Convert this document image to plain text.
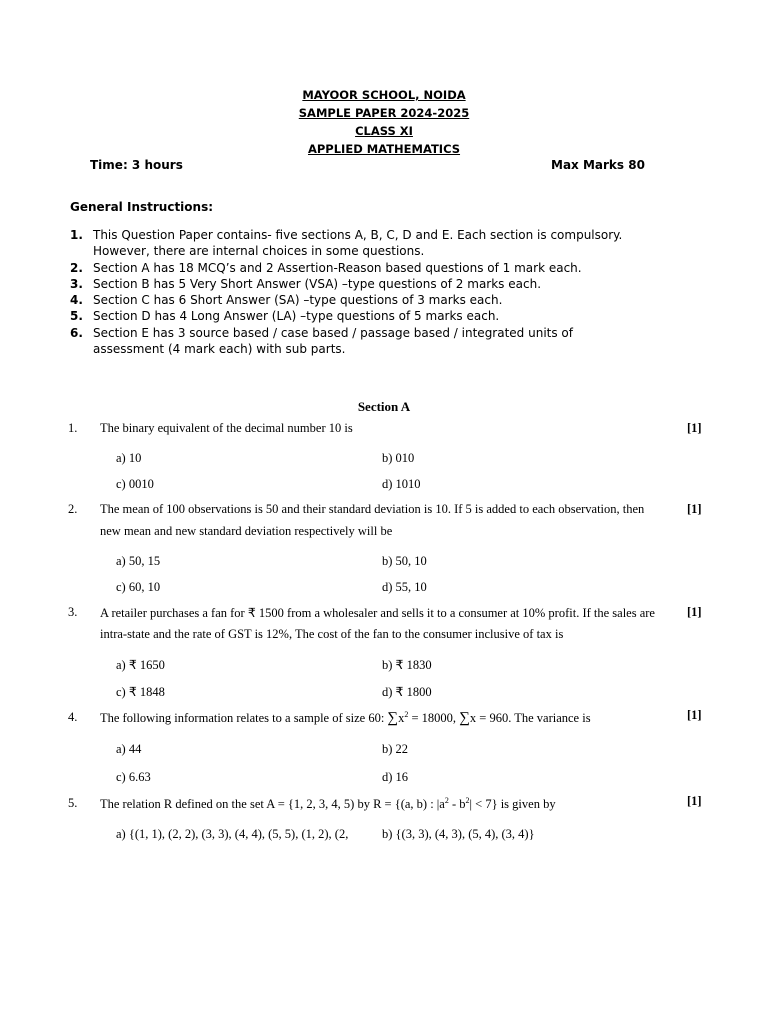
MAYOOR SCHOOL, NOIDA
SAMPLE PAPER 2024-2025
CLASS XI
APPLIED MATHEMATICS
Time: 3 hours	Max Marks 80
General Instructions:
1. This Question Paper contains- five sections A, B, C, D and E. Each section is compulsory.
However, there are internal choices in some questions.
2. Section A has 18 MCQ’s and 2 Assertion-Reason based questions of 1 mark each.
3. Section B has 5 Very Short Answer (VSA) –type questions of 2 marks each.
4. Section C has 6 Short Answer (SA) –type questions of 3 marks each.
5. Section D has 4 Long Answer (LA) –type questions of 5 marks each.
6. Section E has 3 source based / case based / passage based / integrated units of
assessment (4 mark each) with sub parts.
Section A
1. The binary equivalent of the decimal number 10 is	[1]
a) 10	b) 010
c) 0010	d) 1010
2. The mean of 100 observations is 50 and their standard deviation is 10. If 5 is added to each observation, then
new mean and new standard deviation respectively will be
[1]
a) 50, 15	b) 50, 10
c) 60, 10	d) 55, 10
3. A retailer purchases a fan for ₹ 1500 from a wholesaler and sells it to a consumer at 10% profit. If the sales are
intra-state and the rate of GST is 12%, The cost of the fan to the consumer inclusive of tax is
[1]
a) ₹ 1650	b) ₹ 1830
c) ₹ 1848	d) ₹ 1800
4. The following information relates to a sample of size 60: $\sum x^2 = 18000$, ∑x = 960. The variance is	[1]
a) 44	b) 22
c) 6.63	d) 16
5. The relation R defined on the set A = {1, 2, 3, 4, 5) by R = {(a, b) : $|a^2 - b^2| < 7$} is given by	[1]
a) {(1, 1), (2, 2), (3, 3), (4, 4), (5, 5), (1, 2), (2,	b) {(3, 3), (4, 3), (5, 4), (3, 4)}
